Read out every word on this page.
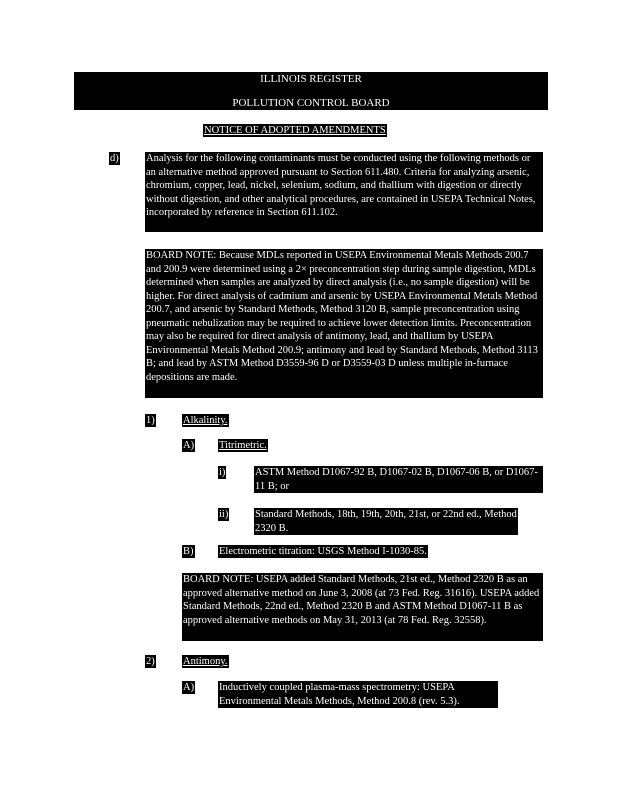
ILLINOIS REGISTER
POLLUTION CONTROL BOARD
NOTICE OF ADOPTED AMENDMENTS
d)	Analysis for the following contaminants must be conducted using the following methods or an alternative method approved pursuant to Section 611.480. Criteria for analyzing arsenic, chromium, copper, lead, nickel, selenium, sodium, and thallium with digestion or directly without digestion, and other analytical procedures, are contained in USEPA Technical Notes, incorporated by reference in Section 611.102.
BOARD NOTE: Because MDLs reported in USEPA Environmental Metals Methods 200.7 and 200.9 were determined using a 2× preconcentration step during sample digestion, MDLs determined when samples are analyzed by direct analysis (i.e., no sample digestion) will be higher. For direct analysis of cadmium and arsenic by USEPA Environmental Metals Method 200.7, and arsenic by Standard Methods, Method 3120 B, sample preconcentration using pneumatic nebulization may be required to achieve lower detection limits. Preconcentration may also be required for direct analysis of antimony, lead, and thallium by USEPA Environmental Metals Method 200.9; antimony and lead by Standard Methods, Method 3113 B; and lead by ASTM Method D3559-96 D or D3559-03 D unless multiple in-furnace depositions are made.
1)	Alkalinity.
A) Titrimetric.
i)	ASTM Method D1067-92 B, D1067-02 B, D1067-06 B, or D1067-11 B; or
ii)	Standard Methods, 18th, 19th, 20th, 21st, or 22nd ed., Method 2320 B.
B) Electrometric titration: USGS Method I-1030-85.
BOARD NOTE: USEPA added Standard Methods, 21st ed., Method 2320 B as an approved alternative method on June 3, 2008 (at 73 Fed. Reg. 31616). USEPA added Standard Methods, 22nd ed., Method 2320 B and ASTM Method D1067-11 B as approved alternative methods on May 31, 2013 (at 78 Fed. Reg. 32558).
2)	Antimony.
A) Inductively coupled plasma-mass spectrometry: USEPA Environmental Metals Methods, Method 200.8 (rev. 5.3).
